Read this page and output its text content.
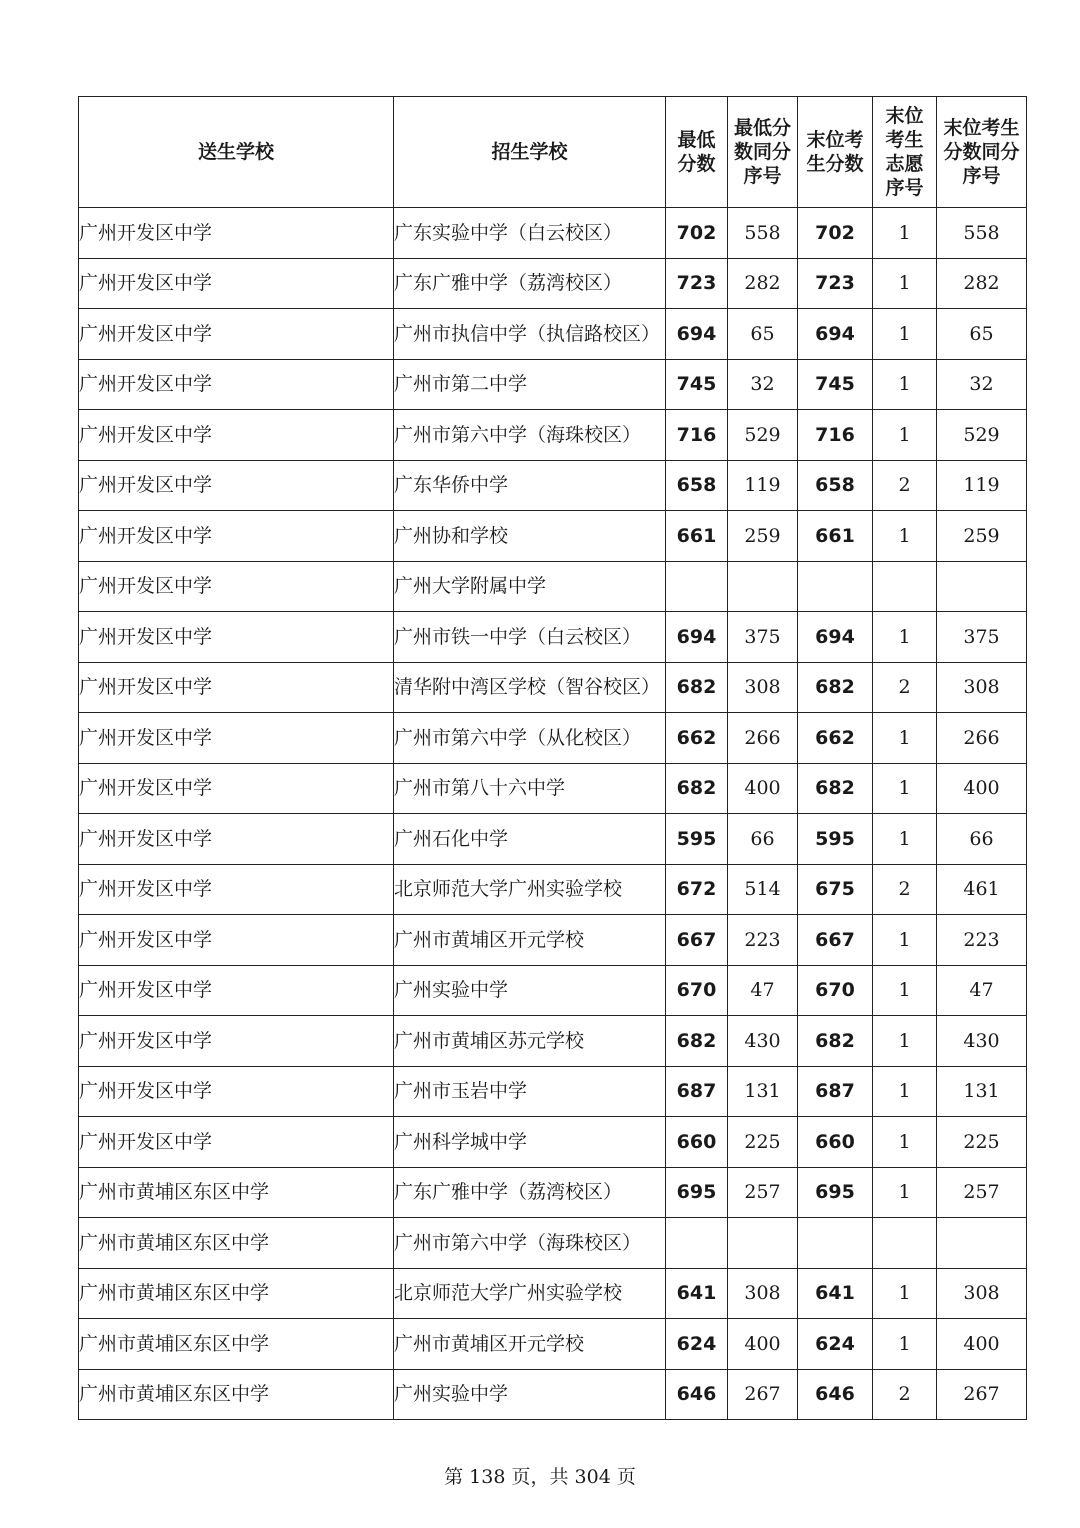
送生学校	招生学校	最低分数	最低分数同分序号	末位考生分数	末位考生志愿序号	末位考生分数同分序号

广州开发区中学	广东实验中学（白云校区）	702	558	702	1	558
广州开发区中学	广东广雅中学（荔湾校区）	723	282	723	1	282
广州开发区中学	广州市执信中学（执信路校区）	694	65	694	1	65
广州开发区中学	广州市第二中学	745	32	745	1	32
广州开发区中学	广州市第六中学（海珠校区）	716	529	716	1	529
广州开发区中学	广东华侨中学	658	119	658	2	119
广州开发区中学	广州协和学校	661	259	661	1	259
广州开发区中学	广州大学附属中学					
广州开发区中学	广州市铁一中学（白云校区）	694	375	694	1	375
广州开发区中学	清华附中湾区学校（智谷校区）	682	308	682	2	308
广州开发区中学	广州市第六中学（从化校区）	662	266	662	1	266
广州开发区中学	广州市第八十六中学	682	400	682	1	400
广州开发区中学	广州石化中学	595	66	595	1	66
广州开发区中学	北京师范大学广州实验学校	672	514	675	2	461
广州开发区中学	广州市黄埔区开元学校	667	223	667	1	223
广州开发区中学	广州实验中学	670	47	670	1	47
广州开发区中学	广州市黄埔区苏元学校	682	430	682	1	430
广州开发区中学	广州市玉岩中学	687	131	687	1	131
广州开发区中学	广州科学城中学	660	225	660	1	225
广州市黄埔区东区中学	广东广雅中学（荔湾校区）	695	257	695	1	257
广州市黄埔区东区中学	广州市第六中学（海珠校区）					
广州市黄埔区东区中学	北京师范大学广州实验学校	641	308	641	1	308
广州市黄埔区东区中学	广州市黄埔区开元学校	624	400	624	1	400
广州市黄埔区东区中学	广州实验中学	646	267	646	2	267
第 138 页，共 304 页
